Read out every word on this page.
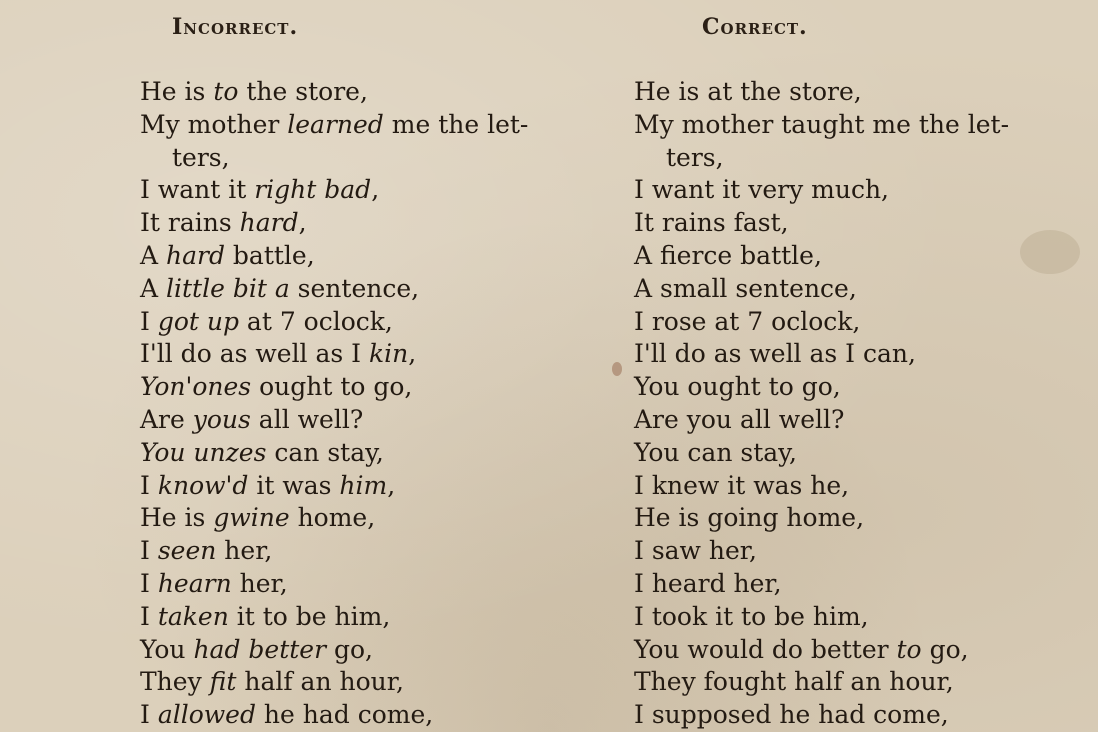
Incorrect.	Correct.
He is to the store,
My mother learned me the let-
ters,
I want it right bad,
It rains hard,
A hard battle,
A little bit a sentence,
I got up at 7 oclock,
I'll do as well as I kin,
Yon'ones ought to go,
Are yous all well?
You unzes can stay,
I know'd it was him,
He is gwine home,
I seen her,
I hearn her,
I taken it to be him,
You had better go,
They fit half an hour,
I allowed he had come,
He is at the store,
My mother taught me the let-
ters,
I want it very much,
It rains fast,
A fierce battle,
A small sentence,
I rose at 7 oclock,
I'll do as well as I can,
You ought to go,
Are you all well?
You can stay,
I knew it was he,
He is going home,
I saw her,
I heard her,
I took it to be him,
You would do better to go,
They fought half an hour,
I supposed he had come,
